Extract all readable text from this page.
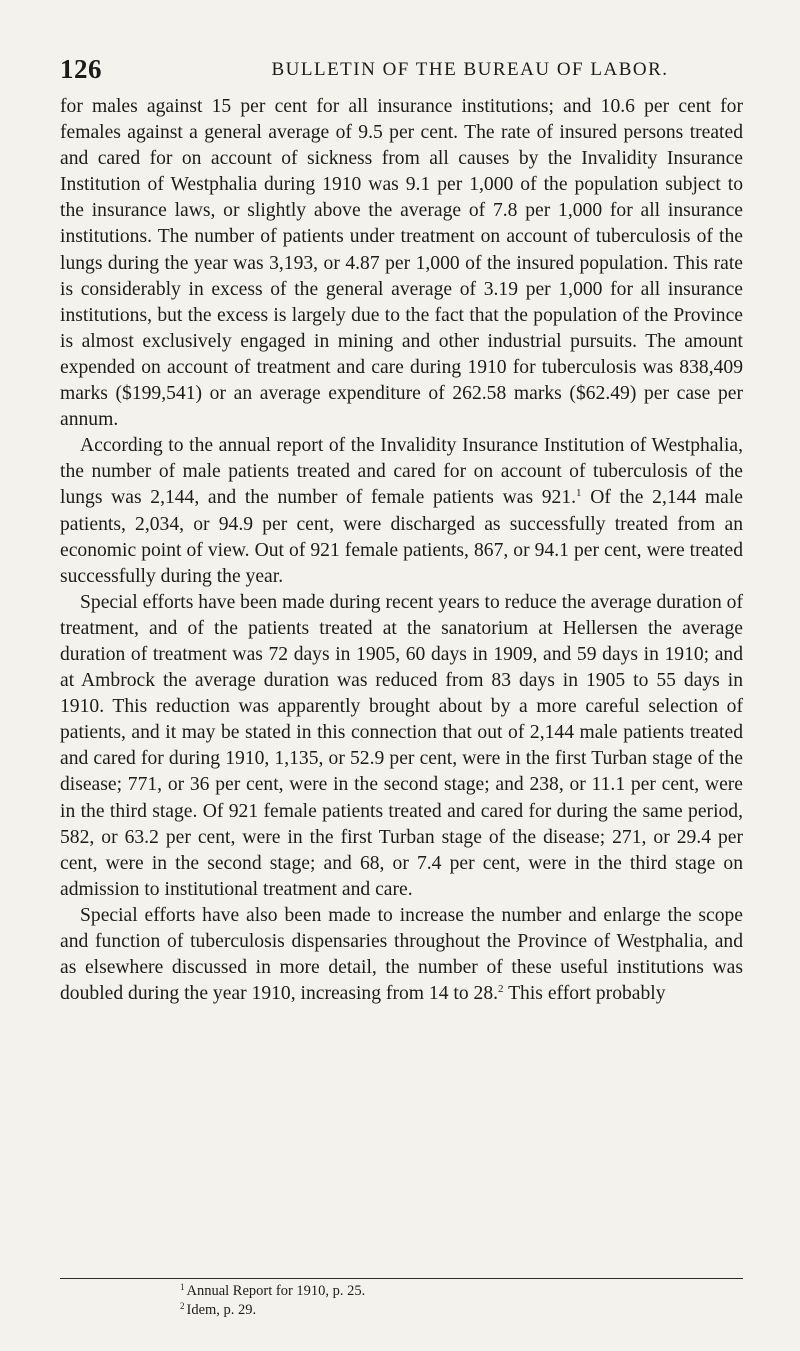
126	BULLETIN OF THE BUREAU OF LABOR.

for males against 15 per cent for all insurance institutions; and 10.6 per cent for females against a general average of 9.5 per cent. The rate of insured persons treated and cared for on account of sickness from all causes by the Invalidity Insurance Institution of Westphalia during 1910 was 9.1 per 1,000 of the population subject to the insurance laws, or slightly above the average of 7.8 per 1,000 for all insurance institutions. The number of patients under treatment on account of tuberculosis of the lungs during the year was 3,193, or 4.87 per 1,000 of the insured population. This rate is considerably in excess of the general average of 3.19 per 1,000 for all insurance institutions, but the excess is largely due to the fact that the population of the Province is almost exclusively engaged in mining and other industrial pursuits. The amount expended on account of treatment and care during 1910 for tuberculosis was 838,409 marks ($199,541) or an average expenditure of 262.58 marks ($62.49) per case per annum.

According to the annual report of the Invalidity Insurance Institution of Westphalia, the number of male patients treated and cared for on account of tuberculosis of the lungs was 2,144, and the number of female patients was 921.$^1$ Of the 2,144 male patients, 2,034, or 94.9 per cent, were discharged as successfully treated from an economic point of view. Out of 921 female patients, 867, or 94.1 per cent, were treated successfully during the year.

Special efforts have been made during recent years to reduce the average duration of treatment, and of the patients treated at the sanatorium at Hellersen the average duration of treatment was 72 days in 1905, 60 days in 1909, and 59 days in 1910; and at Ambrock the average duration was reduced from 83 days in 1905 to 55 days in 1910. This reduction was apparently brought about by a more careful selection of patients, and it may be stated in this connection that out of 2,144 male patients treated and cared for during 1910, 1,135, or 52.9 per cent, were in the first Turban stage of the disease; 771, or 36 per cent, were in the second stage; and 238, or 11.1 per cent, were in the third stage. Of 921 female patients treated and cared for during the same period, 582, or 63.2 per cent, were in the first Turban stage of the disease; 271, or 29.4 per cent, were in the second stage; and 68, or 7.4 per cent, were in the third stage on admission to institutional treatment and care.

Special efforts have also been made to increase the number and enlarge the scope and function of tuberculosis dispensaries throughout the Province of Westphalia, and as elsewhere discussed in more detail, the number of these useful institutions was doubled during the year 1910, increasing from 14 to 28.$^2$ This effort probably

$^1$ Annual Report for 1910, p. 25.

$^2$ Idem, p. 29.
